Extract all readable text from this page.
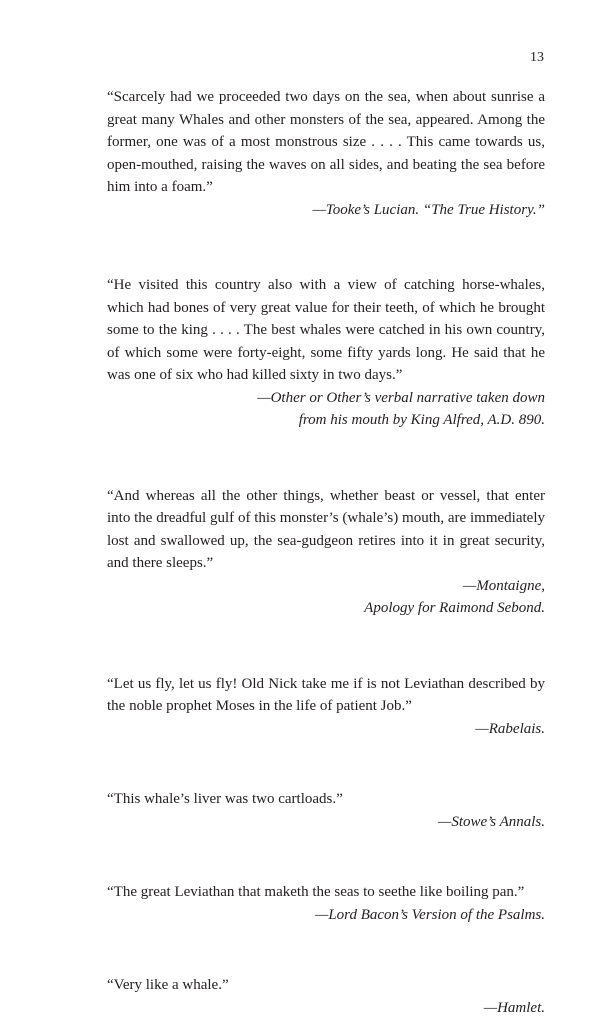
13

“Scarcely had we proceeded two days on the sea, when about sunrise a great many Whales and other monsters of the sea, appeared. Among the former, one was of a most monstrous size . . . . This came towards us, open-mouthed, raising the waves on all sides, and beating the sea before him into a foam.”

—Tooke’s Lucian. “The True History.”

“He visited this country also with a view of catching horse-whales, which had bones of very great value for their teeth, of which he brought some to the king . . . . The best whales were catched in his own country, of which some were forty-eight, some fifty yards long. He said that he was one of six who had killed sixty in two days.”

—Other or Other’s verbal narrative taken down
from his mouth by King Alfred, A.D. 890.

“And whereas all the other things, whether beast or vessel, that enter into the dreadful gulf of this monster’s (whale’s) mouth, are immediately lost and swallowed up, the sea-gudgeon retires into it in great security, and there sleeps.”

—Montaigne,
Apology for Raimond Sebond.

“Let us fly, let us fly! Old Nick take me if is not Leviathan described by the noble prophet Moses in the life of patient Job.”

—Rabelais.

“This whale’s liver was two cartloads.”

—Stowe’s Annals.

“The great Leviathan that maketh the seas to seethe like boiling pan.”

—Lord Bacon’s Version of the Psalms.

“Very like a whale.”

—Hamlet.
